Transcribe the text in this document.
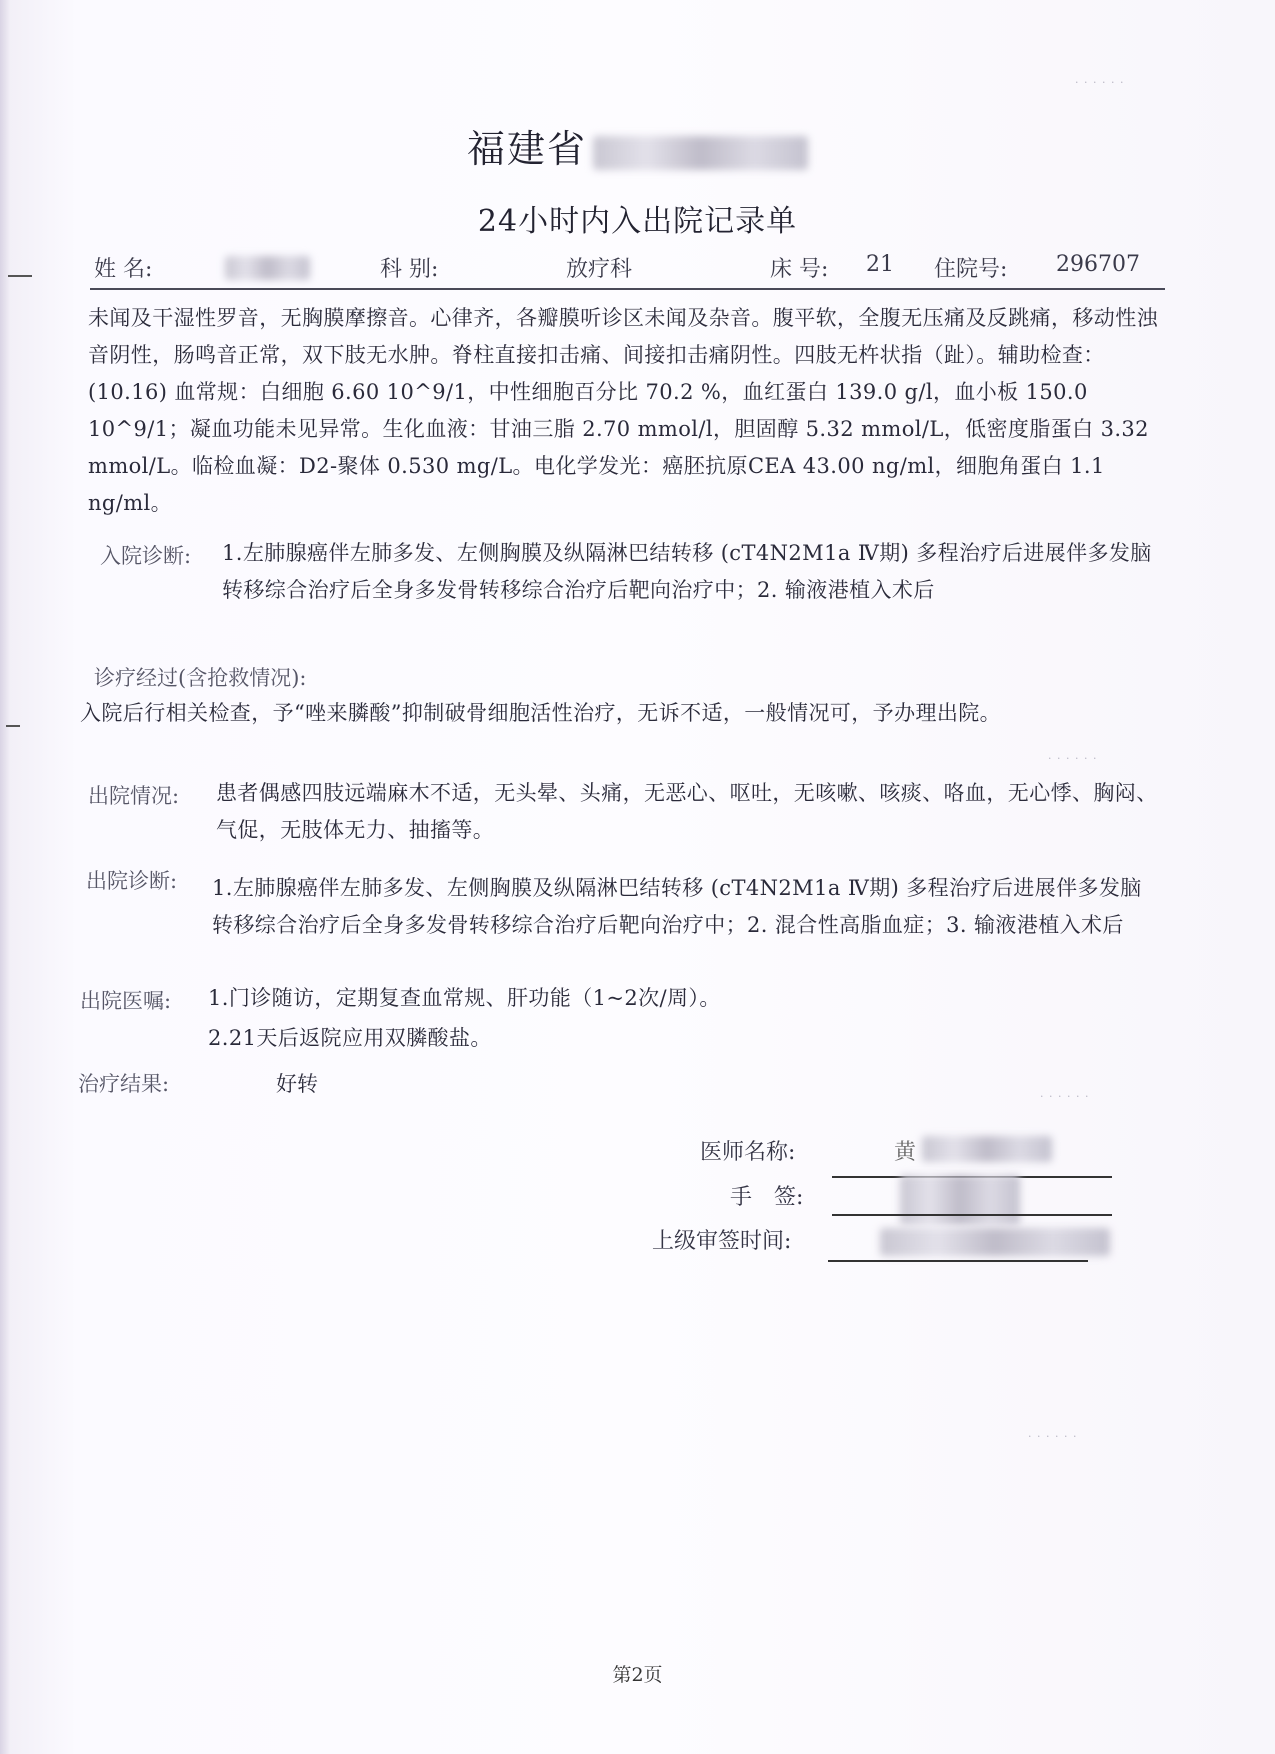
福建省
24小时内入出院记录单
姓 名:	科 别:	放疗科	床 号: 21 住院号: 296707
未闻及干湿性罗音，无胸膜摩擦音。心律齐，各瓣膜听诊区未闻及杂音。腹平软，全腹无压痛及反跳痛，移动性浊音阴性，肠鸣音正常，双下肢无水肿。脊柱直接扣击痛、间接扣击痛阴性。四肢无杵状指（趾）。辅助检查：(10.16) 血常规：白细胞 6.60 10^9/1，中性细胞百分比 70.2 %，血红蛋白 139.0 g/l，血小板 150.0 10^9/1；凝血功能未见异常。生化血液：甘油三脂 2.70 mmol/l，胆固醇 5.32 mmol/L，低密度脂蛋白 3.32 mmol/L。临检血凝：D2-聚体 0.530 mg/L。电化学发光：癌胚抗原CEA 43.00 ng/ml，细胞角蛋白 1.1 ng/ml。
入院诊断: 1.左肺腺癌伴左肺多发、左侧胸膜及纵隔淋巴结转移 (cT4N2M1a Ⅳ期) 多程治疗后进展伴多发脑转移综合治疗后全身多发骨转移综合治疗后靶向治疗中；2. 输液港植入术后
诊疗经过(含抢救情况):
入院后行相关检查，予“唑来膦酸”抑制破骨细胞活性治疗，无诉不适，一般情况可，予办理出院。
出院情况: 患者偶感四肢远端麻木不适，无头晕、头痛，无恶心、呕吐，无咳嗽、咳痰、咯血，无心悸、胸闷、气促，无肢体无力、抽搐等。
出院诊断: 1.左肺腺癌伴左肺多发、左侧胸膜及纵隔淋巴结转移 (cT4N2M1a Ⅳ期) 多程治疗后进展伴多发脑转移综合治疗后全身多发骨转移综合治疗后靶向治疗中；2. 混合性高脂血症；3. 输液港植入术后
出院医嘱: 1.门诊随访，定期复查血常规、肝功能（1~2次/周）。
2.21天后返院应用双膦酸盐。
治疗结果:	好转
医师名称:	黄
手　签:
上级审签时间:
· · · · · ·
· · · · · ·
· · · · · ·
· · · · · ·
第2页
